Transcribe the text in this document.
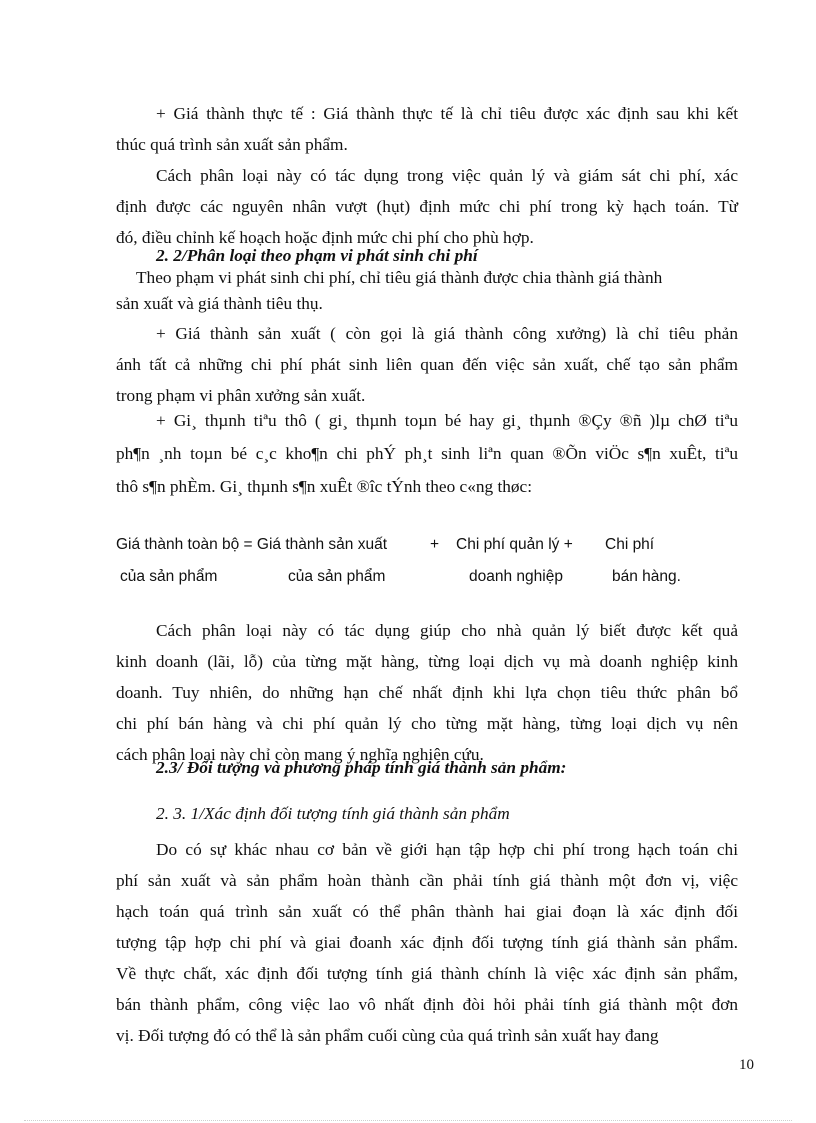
+ Giá thành thực tế : Giá thành thực tế là chỉ tiêu được xác định sau khi kết
thúc quá trình sản xuất sản phẩm.
Cách phân loại này có tác dụng trong việc quản lý và giám sát chi phí, xác
định được các nguyên nhân vượt (hụt) định mức chi phí trong kỳ hạch toán. Từ
đó, điều chỉnh kế hoạch hoặc định mức chi phí cho phù hợp.
2. 2/Phân loại theo phạm vi phát sinh chi phí
Theo phạm vi phát sinh chi phí, chỉ tiêu giá thành được chia thành giá thành
sản xuất và giá thành tiêu thụ.
+ Giá thành sản xuất ( còn gọi là giá thành công xưởng) là chỉ tiêu phản
ánh tất cả những chi phí phát sinh liên quan đến việc sản xuất, chế tạo sản phẩm
trong phạm vi phân xưởng sản xuất.
+ Gi¸ thµnh tiªu thô ( gi¸ thµnh toµn bé hay gi¸ thµnh ®Çy ®ñ )lµ chØ tiªu
ph¶n ¸nh toµn bé c¸c kho¶n chi phÝ ph¸t sinh liªn quan ®Õn viÖc s¶n xuÊt, tiªu
thô s¶n phÈm. Gi¸ thµnh s¶n xuÊt ®îc tÝnh theo c«ng thøc:
Giá thành toàn bộ = Giá thành sản xuất	+ Chi phí quản lý + Chi phí
của sản phẩm	của sản phẩm	doanh nghiệp	bán hàng.
Cách phân loại này có tác dụng giúp cho nhà quản lý biết được kết quả
kinh doanh (lãi, lỗ) của từng mặt hàng, từng loại dịch vụ mà doanh nghiệp kinh
doanh. Tuy nhiên, do những hạn chế nhất định khi lựa chọn tiêu thức phân bổ
chi phí bán hàng và chi phí quản lý cho từng mặt hàng, từng loại dịch vụ nên
cách phân loại này chỉ còn mang ý nghĩa nghiên cứu.
2.3/ Đối tượng và phương pháp tính giá thành sản phẩm:
2. 3. 1/Xác định đối tượng tính giá thành sản phẩm
Do có sự khác nhau cơ bản về giới hạn tập hợp chi phí trong hạch toán chi
phí sản xuất và sản phẩm hoàn thành cần phải tính giá thành một đơn vị, việc
hạch toán quá trình sản xuất có thể phân thành hai giai đoạn là xác định đối
tượng tập hợp chi phí và giai đoanh xác định đối tượng tính giá thành sản phẩm.
Về thực chất, xác định đối tượng tính giá thành chính là việc xác định sản phẩm,
bán thành phẩm, công việc lao vô nhất định đòi hỏi phải tính giá thành một đơn
vị. Đối tượng đó có thể là sản phẩm cuối cùng của quá trình sản xuất hay đang
10
